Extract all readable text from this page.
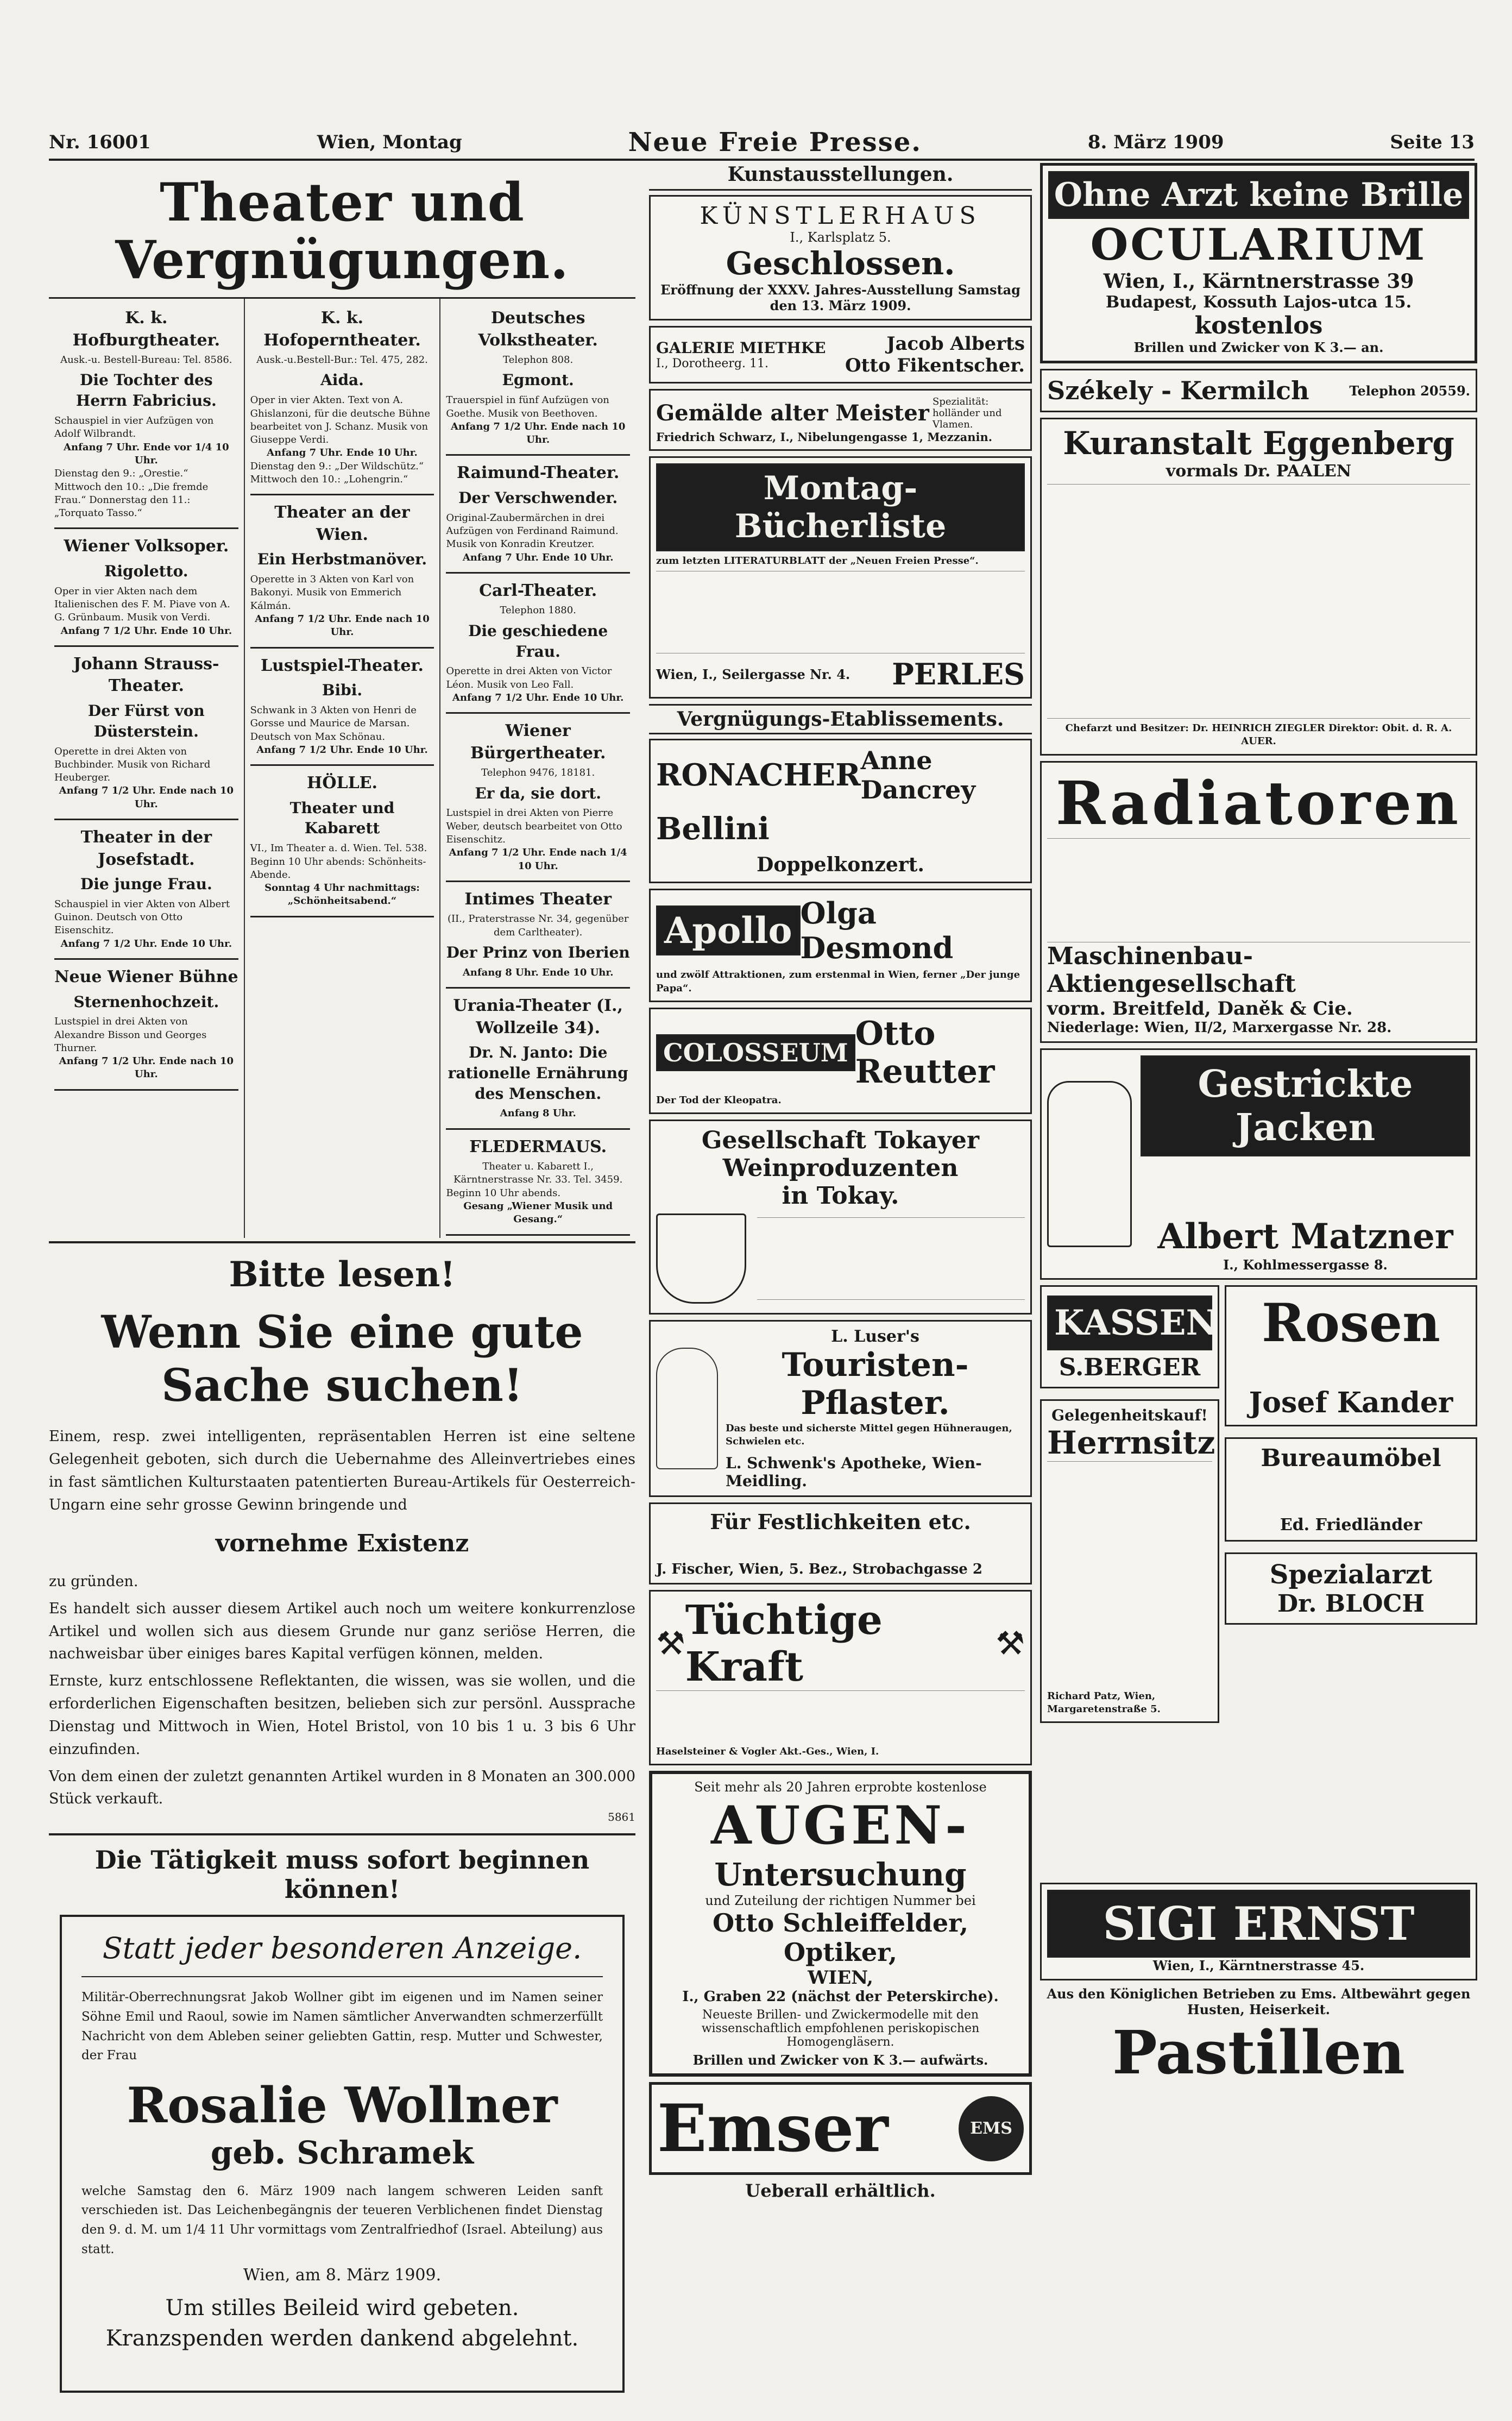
Nr. 16001	Wien, Montag	Neue Freie Presse.	8. März 1909	Seite 13
Theater und Vergnügungen.
K. k. Hofburgtheater.
Ausk.-u. Bestell-Bureau: Tel. 8586.
Die Tochter des Herrn Fabricius.
Schauspiel in vier Aufzügen von Adolf Wilbrandt.
Anfang 7 Uhr. Ende vor 1/4 10 Uhr.
Dienstag den 9.: „Orestie.“ Mittwoch den 10.: „Die fremde Frau.“ Donnerstag den 11.: „Torquato Tasso.“
Wiener Volksoper.
Rigoletto.
Oper in vier Akten nach dem Italienischen des F. M. Piave von A. G. Grünbaum. Musik von Verdi.
Anfang 7 1/2 Uhr. Ende 10 Uhr.
Johann Strauss-Theater.
Der Fürst von Düsterstein.
Operette in drei Akten von Buchbinder. Musik von Richard Heuberger.
Anfang 7 1/2 Uhr. Ende nach 10 Uhr.
Theater in der Josefstadt.
Die junge Frau.
Schauspiel in vier Akten von Albert Guinon. Deutsch von Otto Eisenschitz.
Anfang 7 1/2 Uhr. Ende 10 Uhr.
Neue Wiener Bühne
Sternenhochzeit.
Lustspiel in drei Akten von Alexandre Bisson und Georges Thurner.
Anfang 7 1/2 Uhr. Ende nach 10 Uhr.
K. k. Hofoperntheater.
Ausk.-u.Bestell-Bur.: Tel. 475, 282.
Aida.
Oper in vier Akten. Text von A. Ghislanzoni, für die deutsche Bühne bearbeitet von J. Schanz. Musik von Giuseppe Verdi.
Anfang 7 Uhr. Ende 10 Uhr.
Dienstag den 9.: „Der Wildschütz.“ Mittwoch den 10.: „Lohengrin.“
Theater an der Wien.
Ein Herbstmanöver.
Operette in 3 Akten von Karl von Bakonyi. Musik von Emmerich Kálmán.
Anfang 7 1/2 Uhr. Ende nach 10 Uhr.
Lustspiel-Theater.
Bibi.
Schwank in 3 Akten von Henri de Gorsse und Maurice de Marsan. Deutsch von Max Schönau.
Anfang 7 1/2 Uhr. Ende 10 Uhr.
HÖLLE.
Theater und Kabarett
VI., Im Theater a. d. Wien. Tel. 538. Beginn 10 Uhr abends: Schönheits-Abende.
Sonntag 4 Uhr nachmittags: „Schönheitsabend.“
Deutsches Volkstheater.
Telephon 808.
Egmont.
Trauerspiel in fünf Aufzügen von Goethe. Musik von Beethoven.
Anfang 7 1/2 Uhr. Ende nach 10 Uhr.
Raimund-Theater.
Der Verschwender.
Original-Zaubermärchen in drei Aufzügen von Ferdinand Raimund. Musik von Konradin Kreutzer.
Anfang 7 Uhr. Ende 10 Uhr.
Carl-Theater.
Telephon 1880.
Die geschiedene Frau.
Operette in drei Akten von Victor Léon. Musik von Leo Fall.
Anfang 7 1/2 Uhr. Ende 10 Uhr.
Wiener Bürgertheater.
Telephon 9476, 18181.
Er da, sie dort.
Lustspiel in drei Akten von Pierre Weber, deutsch bearbeitet von Otto Eisenschitz.
Anfang 7 1/2 Uhr. Ende nach 1/4 10 Uhr.
Intimes Theater
(II., Praterstrasse Nr. 34, gegenüber dem Carltheater).
Der Prinz von Iberien
Anfang 8 Uhr. Ende 10 Uhr.
Urania-Theater (I., Wollzeile 34).
Dr. N. Janto: Die rationelle Ernährung des Menschen.
Anfang 8 Uhr.
FLEDERMAUS.
Theater u. Kabarett I., Kärntnerstrasse Nr. 33. Tel. 3459.
Beginn 10 Uhr abends.
Gesang „Wiener Musik und Gesang.“
Bitte lesen!
Wenn Sie eine gute Sache suchen!
Einem, resp. zwei intelligenten, repräsentablen Herren ist eine seltene Gelegenheit geboten, sich durch die Uebernahme des Alleinvertriebes eines in fast sämtlichen Kulturstaaten patentierten Bureau-Artikels für Oesterreich-Ungarn eine sehr grosse Gewinn bringende und
vornehme Existenz
zu gründen.
Es handelt sich ausser diesem Artikel auch noch um weitere konkurrenzlose Artikel und wollen sich aus diesem Grunde nur ganz seriöse Herren, die nachweisbar über einiges bares Kapital verfügen können, melden.
Ernste, kurz entschlossene Reflektanten, die wissen, was sie wollen, und die erforderlichen Eigenschaften besitzen, belieben sich zur persönl. Aussprache Dienstag und Mittwoch in Wien, Hotel Bristol, von 10 bis 1 u. 3 bis 6 Uhr einzufinden.
Von dem einen der zuletzt genannten Artikel wurden in 8 Monaten an 300.000 Stück verkauft.
5861
Die Tätigkeit muss sofort beginnen können!
Statt jeder besonderen Anzeige.
Militär-Oberrechnungsrat Jakob Wollner gibt im eigenen und im Namen seiner Söhne Emil und Raoul, sowie im Namen sämtlicher Anverwandten schmerzerfüllt Nachricht von dem Ableben seiner geliebten Gattin, resp. Mutter und Schwester, der Frau
Rosalie Wollner
geb. Schramek
welche Samstag den 6. März 1909 nach langem schweren Leiden sanft verschieden ist. Das Leichenbegängnis der teueren Verblichenen findet Dienstag den 9. d. M. um 1/4 11 Uhr vormittags vom Zentralfriedhof (Israel. Abteilung) aus statt.
Wien, am 8. März 1909.
Um stilles Beileid wird gebeten.
Kranzspenden werden dankend abgelehnt.
Kunstausstellungen.
KÜNSTLERHAUS
I., Karlsplatz 5.
Geschlossen.
Eröffnung der XXXV. Jahres-Ausstellung Samstag den 13. März 1909.
GALERIE MIETHKE
I., Dorotheerg. 11.
Jacob Alberts
Otto Fikentscher.
Gemälde alter Meister Spezialität: holländer und Vlamen.
Friedrich Schwarz, I., Nibelungengasse 1, Mezzanin.
Montag-Bücherliste
zum letzten LITERATURBLATT der „Neuen Freien Presse“.
Wien, I., Seilergasse Nr. 4. PERLES
Vergnügungs-Etablissements.
RONACHER Anne Dancrey
Bellini
Doppelkonzert.
Apollo Olga Desmond
und zwölf Attraktionen, zum erstenmal in Wien, ferner „Der junge Papa“.
COLOSSEUM Otto Reutter
Der Tod der Kleopatra.
Gesellschaft Tokayer Weinproduzenten
in Tokay.
L. Luser's
Touristen-Pflaster.
Das beste und sicherste Mittel gegen Hühneraugen, Schwielen etc.
L. Schwenk's Apotheke, Wien-Meidling.
Für Festlichkeiten etc.
J. Fischer, Wien, 5. Bez., Strobachgasse 2
⚒ Tüchtige Kraft	⚒
Haselsteiner & Vogler Akt.-Ges., Wien, I.
Seit mehr als 20 Jahren erprobte kostenlose
AUGEN-
Untersuchung
und Zuteilung der richtigen Nummer bei
Otto Schleiffelder, Optiker,
WIEN,
I., Graben 22 (nächst der Peterskirche).
Neueste Brillen- und Zwickermodelle mit den wissenschaftlich empfohlenen periskopischen Homogengläsern.
Brillen und Zwicker von K 3.— aufwärts.
Emser	EMS
Ueberall erhältlich.
Ohne Arzt keine Brille
OCULARIUM
Wien, I., Kärntnerstrasse 39
Budapest, Kossuth Lajos-utca 15.
kostenlos
Brillen und Zwicker von K 3.— an.
Székely - Kermilch	Telephon 20559.
Kuranstalt Eggenberg
vormals Dr. PAALEN
Chefarzt und Besitzer: Dr. HEINRICH ZIEGLER Direktor: Obit. d. R. A. AUER.
Radiatoren
Maschinenbau-Aktiengesellschaft
vorm. Breitfeld, Daněk & Cie.
Niederlage: Wien, II/2, Marxergasse Nr. 28.
Gestrickte Jacken
Albert Matzner
I., Kohlmessergasse 8.
KASSEN
S.BERGER
Gelegenheitskauf!
Herrnsitz
Richard Patz, Wien, Margaretenstraße 5.
Rosen
Josef Kander
Bureaumöbel
Ed. Friedländer
Spezialarzt
Dr. BLOCH
SIGI ERNST
Wien, I., Kärntnerstrasse 45.
Aus den Königlichen Betrieben zu Ems. Altbewährt gegen Husten, Heiserkeit.
Pastillen
